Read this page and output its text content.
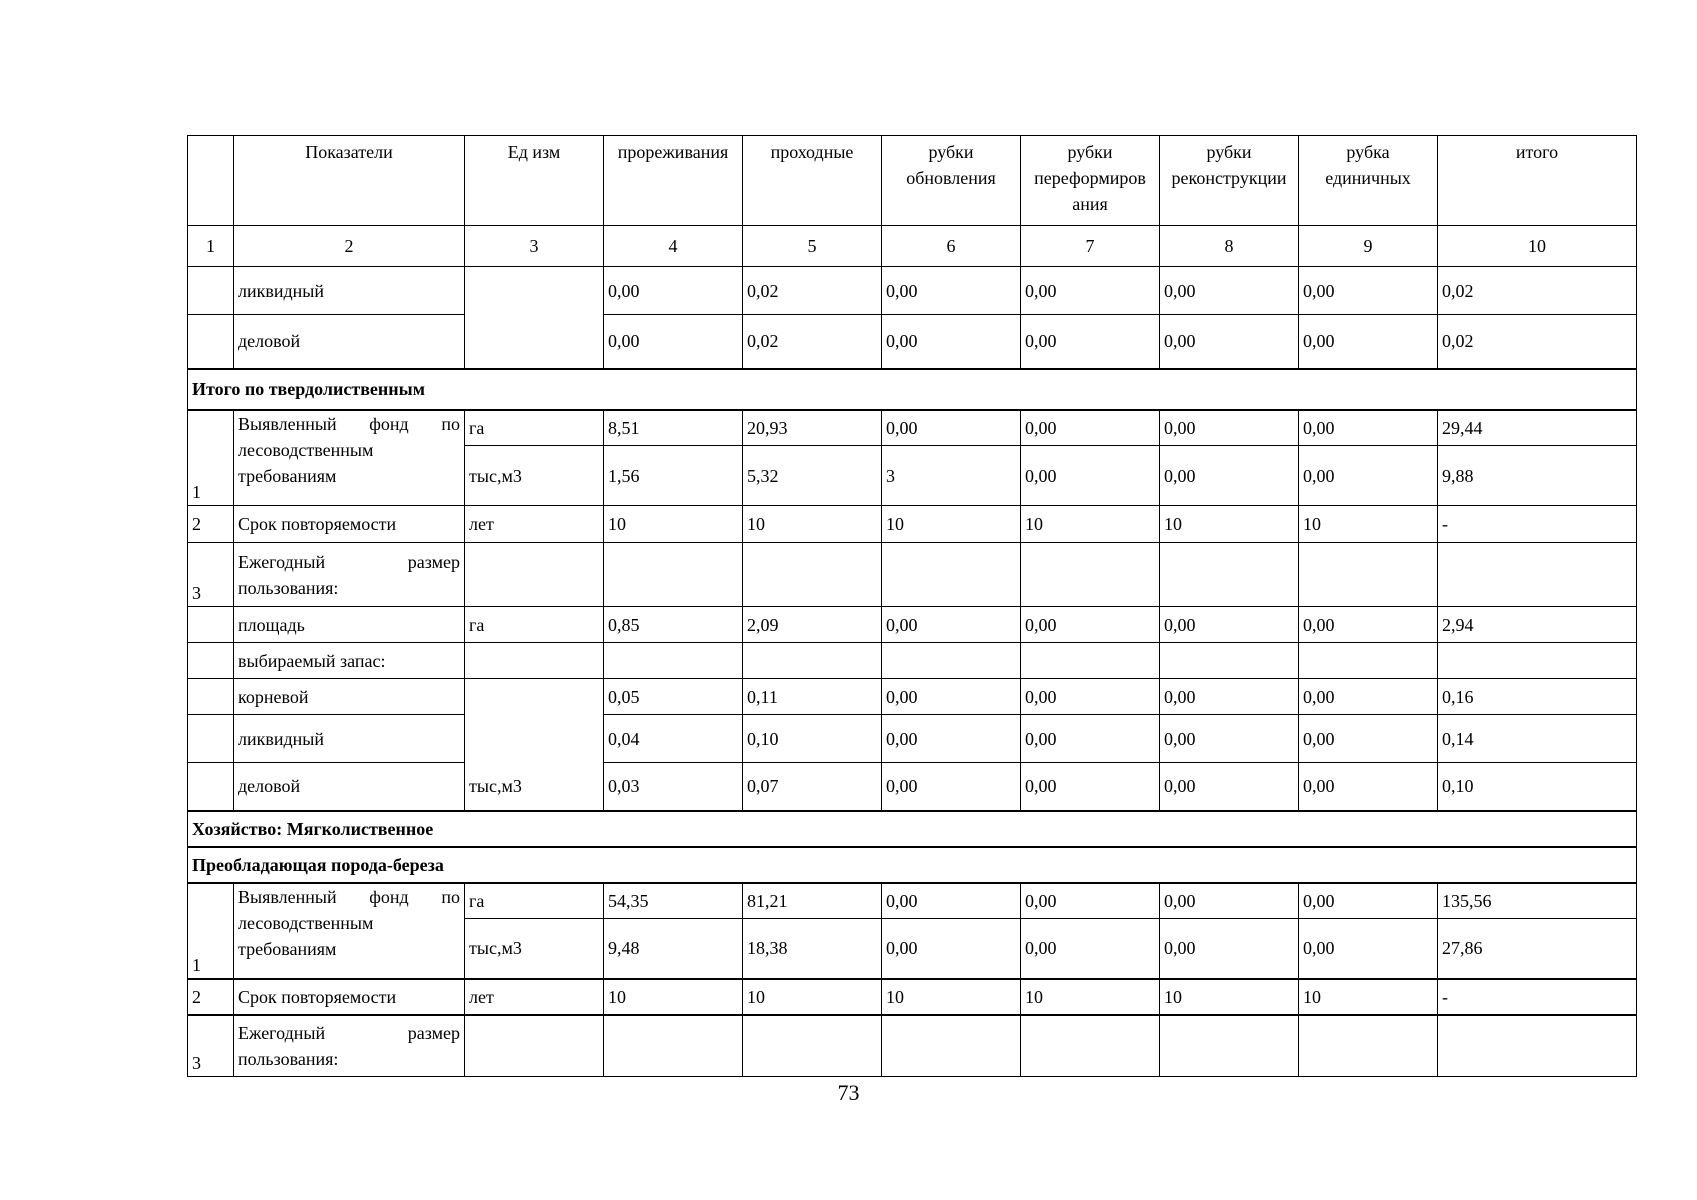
	Показатели	Ед изм	прореживания	проходные	рубки обновления	рубки переформиров ания	рубки реконструкции	рубка единичных	итого
1	2	3	4	5	6	7	8	9	10
	ликвидный		0,00	0,02	0,00	0,00	0,00	0,00	0,02
	деловой		0,00	0,02	0,00	0,00	0,00	0,00	0,02
Итого по твердолиственным									
1	Выявленный фонд по лесоводственным требованиям	га	8,51	20,93	0,00	0,00	0,00	0,00	29,44
		тыс,м3	1,56	5,32	3	0,00	0,00	0,00	9,88
2	Срок повторяемости	лет	10	10	10	10	10	10	-
3	Ежегодный размер пользования:								
	площадь	га	0,85	2,09	0,00	0,00	0,00	0,00	2,94
	выбираемый запас:								
	корневой	тыс,м3	0,05	0,11	0,00	0,00	0,00	0,00	0,16
	ликвидный		0,04	0,10	0,00	0,00	0,00	0,00	0,14
	деловой		0,03	0,07	0,00	0,00	0,00	0,00	0,10
Хозяйство: Мягколиственное									
Преобладающая порода-береза									
1	Выявленный фонд по лесоводственным требованиям	га	54,35	81,21	0,00	0,00	0,00	0,00	135,56
		тыс,м3	9,48	18,38	0,00	0,00	0,00	0,00	27,86
2	Срок повторяемости	лет	10	10	10	10	10	10	-
3	Ежегодный размер пользования:								
73
